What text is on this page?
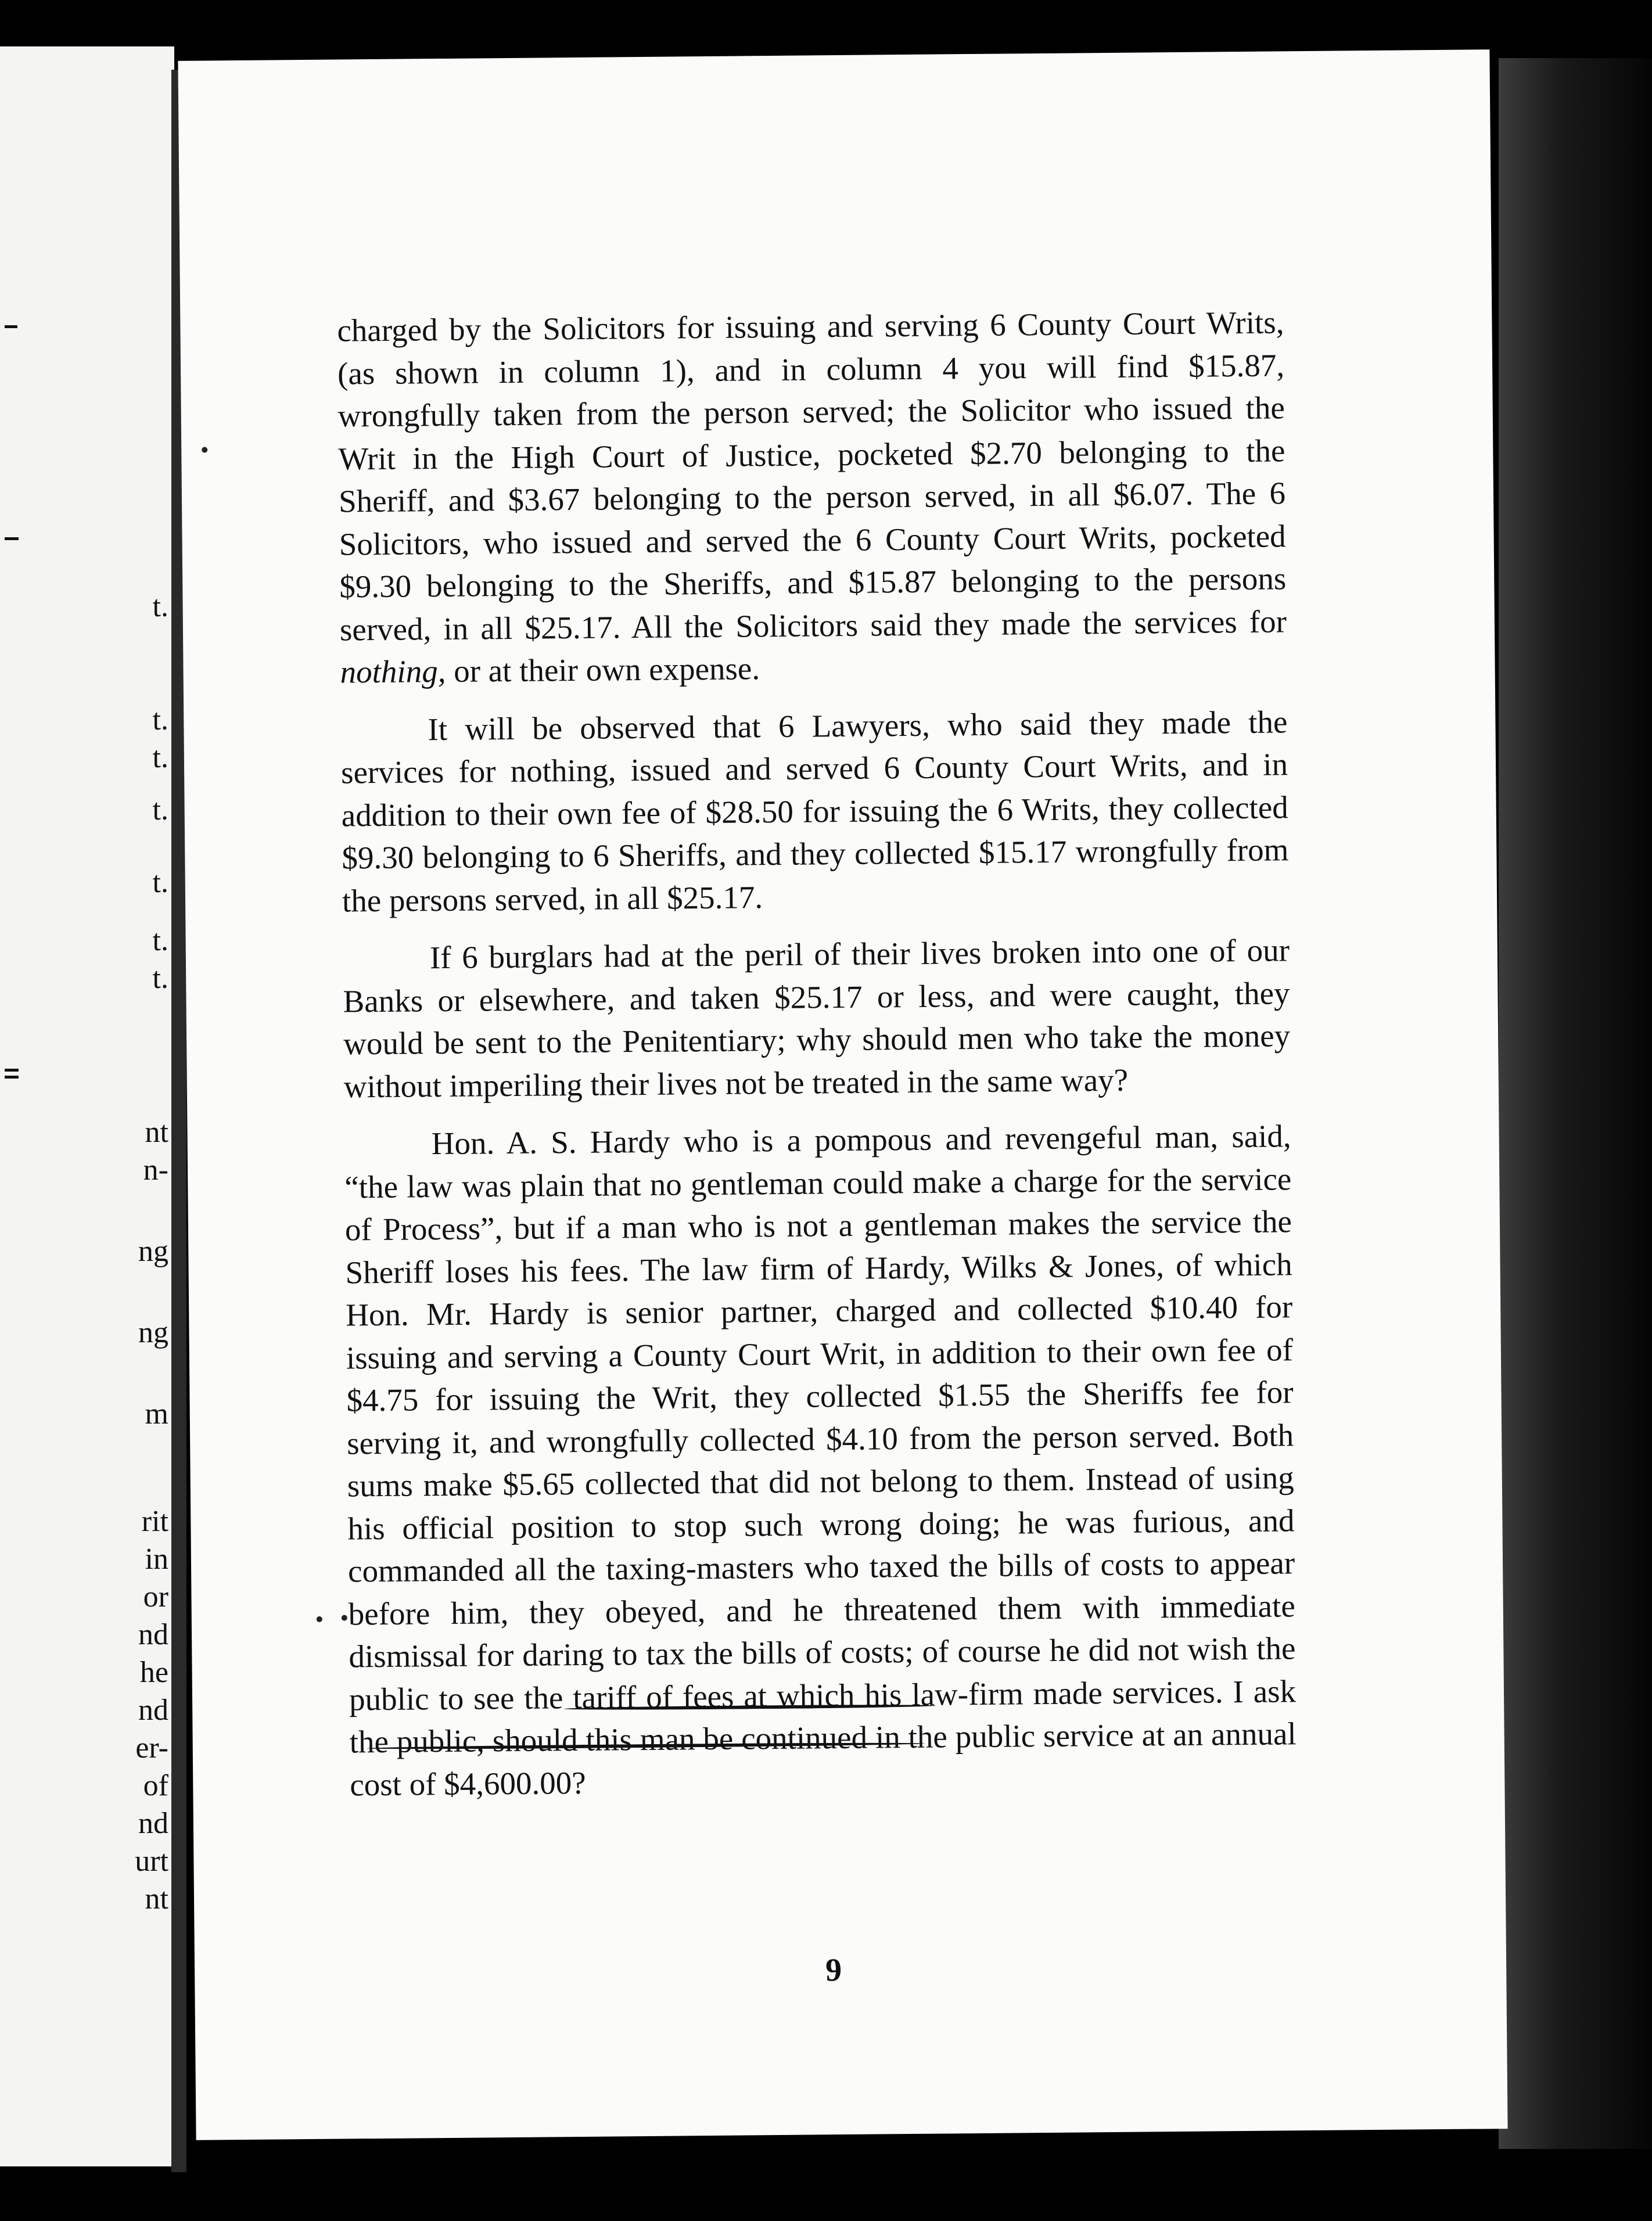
t.
t.
t.
t.
t.
t.
t.
nt
n-
ng
ng
m
rit
in
or
nd
he
nd
er-
of
nd
urt
nt

charged by the Solicitors for issuing and serving 6 County Court Writs, (as shown in column 1), and in column 4 you will find $15.87, wrongfully taken from the person served; the Solicitor who issued the Writ in the High Court of Justice, pocketed $2.70 belonging to the Sheriff, and $3.67 belonging to the person served, in all $6.07. The 6 Solicitors, who issued and served the 6 County Court Writs, pocketed $9.30 belonging to the Sheriffs, and $15.87 belonging to the persons served, in all $25.17. All the Solicitors said they made the services for nothing, or at their own expense.

It will be observed that 6 Lawyers, who said they made the services for nothing, issued and served 6 County Court Writs, and in addition to their own fee of $28.50 for issuing the 6 Writs, they collected $9.30 belonging to 6 Sheriffs, and they collected $15.17 wrongfully from the persons served, in all $25.17.

If 6 burglars had at the peril of their lives broken into one of our Banks or elsewhere, and taken $25.17 or less, and were caught, they would be sent to the Penitentiary; why should men who take the money without imperiling their lives not be treated in the same way?

Hon. A. S. Hardy who is a pompous and revengeful man, said, “the law was plain that no gentleman could make a charge for the service of Process”, but if a man who is not a gentleman makes the service the Sheriff loses his fees. The law firm of Hardy, Wilks & Jones, of which Hon. Mr. Hardy is senior partner, charged and collected $10.40 for issuing and serving a County Court Writ, in addition to their own fee of $4.75 for issuing the Writ, they collected $1.55 the Sheriffs fee for serving it, and wrongfully collected $4.10 from the person served. Both sums make $5.65 collected that did not belong to them. Instead of using his official position to stop such wrong doing; he was furious, and commanded all the taxing-masters who taxed the bills of costs to appear before him, they obeyed, and he threatened them with immediate dismissal for daring to tax the bills of costs; of course he did not wish the public to see the tariff of fees at which his law-firm made services. I ask the public, should this man be continued in the public service at an annual cost of $4,600.00?

9
